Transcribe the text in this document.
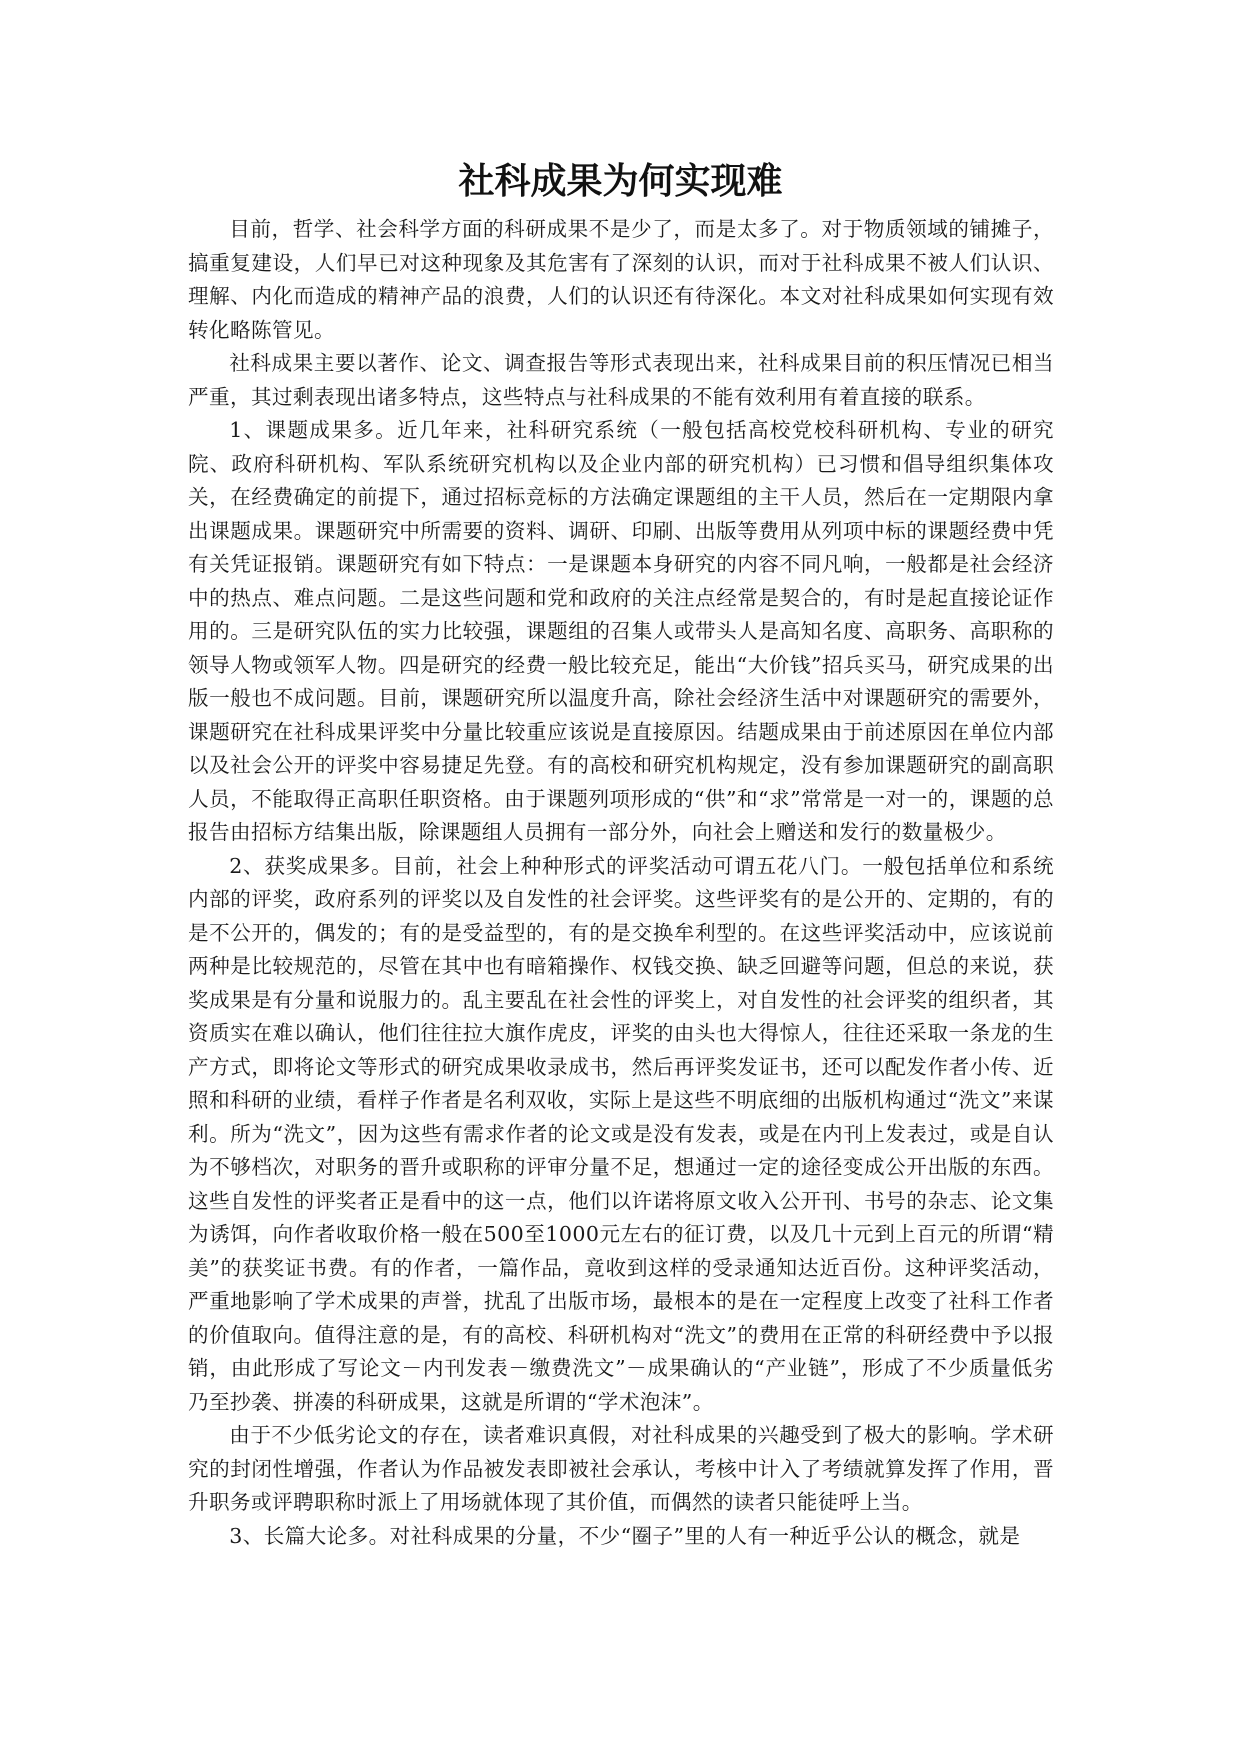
社科成果为何实现难

目前，哲学、社会科学方面的科研成果不是少了，而是太多了。对于物质领域的铺摊子，搞重复建设，人们早已对这种现象及其危害有了深刻的认识，而对于社科成果不被人们认识、理解、内化而造成的精神产品的浪费，人们的认识还有待深化。本文对社科成果如何实现有效转化略陈管见。

社科成果主要以著作、论文、调查报告等形式表现出来，社科成果目前的积压情况已相当严重，其过剩表现出诸多特点，这些特点与社科成果的不能有效利用有着直接的联系。

1、课题成果多。近几年来，社科研究系统（一般包括高校党校科研机构、专业的研究院、政府科研机构、军队系统研究机构以及企业内部的研究机构）已习惯和倡导组织集体攻关，在经费确定的前提下，通过招标竞标的方法确定课题组的主干人员，然后在一定期限内拿出课题成果。课题研究中所需要的资料、调研、印刷、出版等费用从列项中标的课题经费中凭有关凭证报销。课题研究有如下特点：一是课题本身研究的内容不同凡响，一般都是社会经济中的热点、难点问题。二是这些问题和党和政府的关注点经常是契合的，有时是起直接论证作用的。三是研究队伍的实力比较强，课题组的召集人或带头人是高知名度、高职务、高职称的领导人物或领军人物。四是研究的经费一般比较充足，能出“大价钱”招兵买马，研究成果的出版一般也不成问题。目前，课题研究所以温度升高，除社会经济生活中对课题研究的需要外，课题研究在社科成果评奖中分量比较重应该说是直接原因。结题成果由于前述原因在单位内部以及社会公开的评奖中容易捷足先登。有的高校和研究机构规定，没有参加课题研究的副高职人员，不能取得正高职任职资格。由于课题列项形成的“供”和“求”常常是一对一的，课题的总报告由招标方结集出版，除课题组人员拥有一部分外，向社会上赠送和发行的数量极少。

2、获奖成果多。目前，社会上种种形式的评奖活动可谓五花八门。一般包括单位和系统内部的评奖，政府系列的评奖以及自发性的社会评奖。这些评奖有的是公开的、定期的，有的是不公开的，偶发的；有的是受益型的，有的是交换牟利型的。在这些评奖活动中，应该说前两种是比较规范的，尽管在其中也有暗箱操作、权钱交换、缺乏回避等问题，但总的来说，获奖成果是有分量和说服力的。乱主要乱在社会性的评奖上，对自发性的社会评奖的组织者，其资质实在难以确认，他们往往拉大旗作虎皮，评奖的由头也大得惊人，往往还采取一条龙的生产方式，即将论文等形式的研究成果收录成书，然后再评奖发证书，还可以配发作者小传、近照和科研的业绩，看样子作者是名利双收，实际上是这些不明底细的出版机构通过“洗文”来谋利。所为“洗文”，因为这些有需求作者的论文或是没有发表，或是在内刊上发表过，或是自认为不够档次，对职务的晋升或职称的评审分量不足，想通过一定的途径变成公开出版的东西。这些自发性的评奖者正是看中的这一点，他们以许诺将原文收入公开刊、书号的杂志、论文集为诱饵，向作者收取价格一般在500至1000元左右的征订费，以及几十元到上百元的所谓“精美”的获奖证书费。有的作者，一篇作品，竟收到这样的受录通知达近百份。这种评奖活动，严重地影响了学术成果的声誉，扰乱了出版市场，最根本的是在一定程度上改变了社科工作者的价值取向。值得注意的是，有的高校、科研机构对“洗文”的费用在正常的科研经费中予以报销，由此形成了写论文－内刊发表－缴费洗文”－成果确认的“产业链”，形成了不少质量低劣乃至抄袭、拼凑的科研成果，这就是所谓的“学术泡沫”。

由于不少低劣论文的存在，读者难识真假，对社科成果的兴趣受到了极大的影响。学术研究的封闭性增强，作者认为作品被发表即被社会承认，考核中计入了考绩就算发挥了作用，晋升职务或评聘职称时派上了用场就体现了其价值，而偶然的读者只能徒呼上当。

3、长篇大论多。对社科成果的分量，不少“圈子”里的人有一种近乎公认的概念，就是
